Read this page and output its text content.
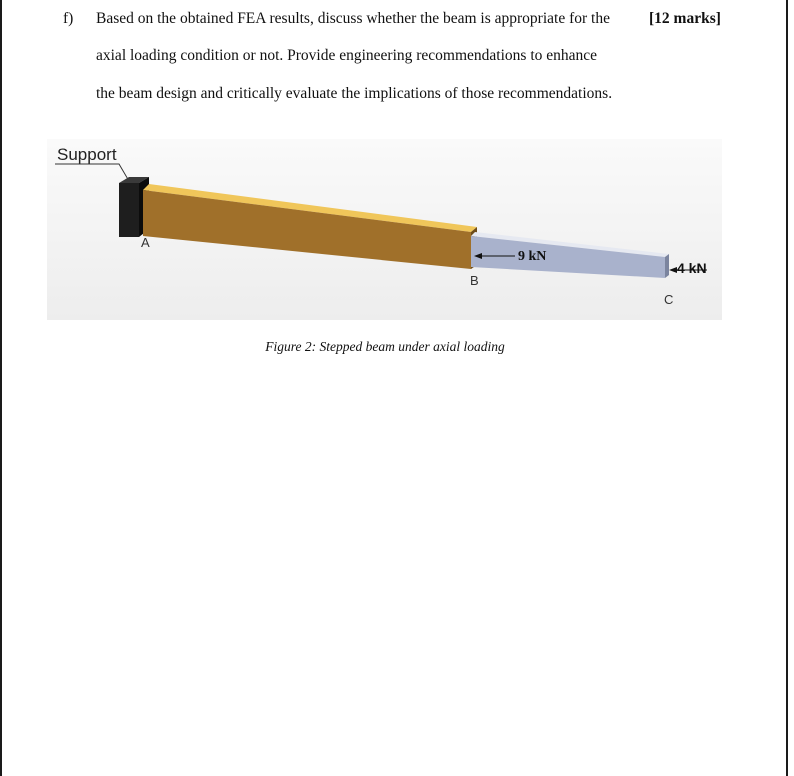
f) Based on the obtained FEA results, discuss whether the beam is appropriate for the
axial loading condition or not. Provide engineering recommendations to enhance
the beam design and critically evaluate the implications of those recommendations.
[12 marks]
Support
A
B
C
9 kN
4 kN
Figure 2: Stepped beam under axial loading
